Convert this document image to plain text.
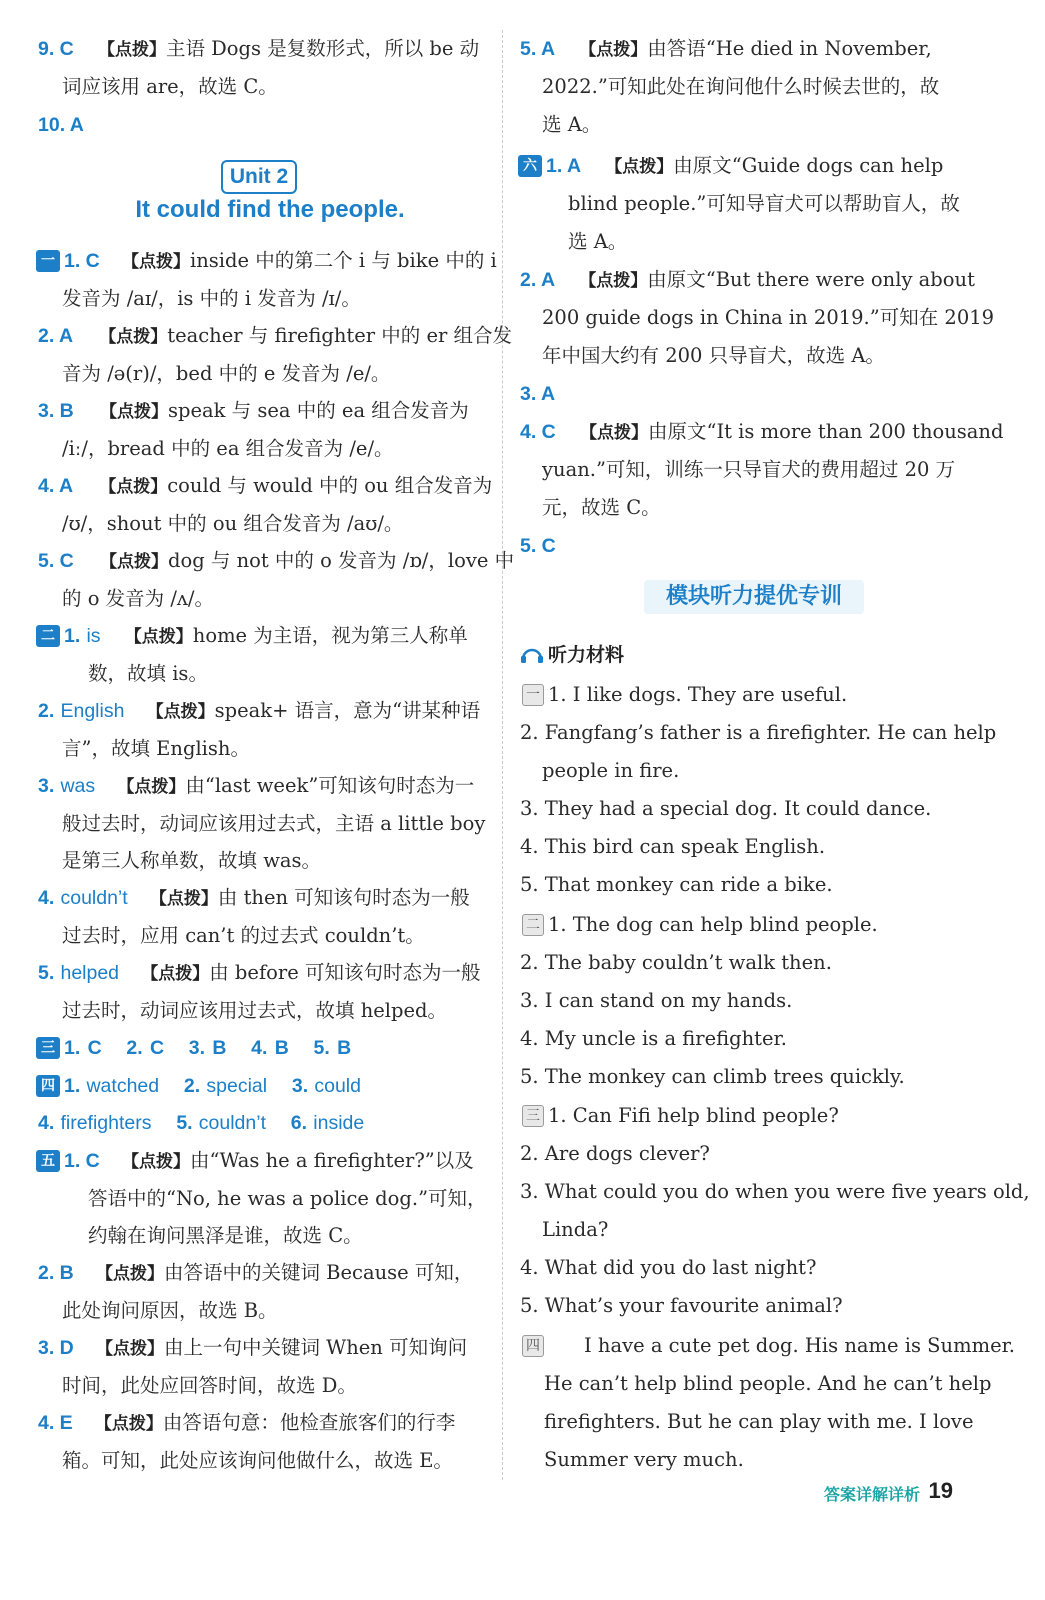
9. C 【点拨】主语 Dogs 是复数形式，所以 be 动
词应该用 are，故选 C。
10. A
Unit 2
It could find the people.
一 1. C 【点拨】inside 中的第二个 i 与 bike 中的 i
发音为 /aɪ/，is 中的 i 发音为 /ɪ/。
2. A 【点拨】teacher 与 firefighter 中的 er 组合发
音为 /ə(r)/，bed 中的 e 发音为 /e/。
3. B 【点拨】speak 与 sea 中的 ea 组合发音为
/iː/，bread 中的 ea 组合发音为 /e/。
4. A 【点拨】could 与 would 中的 ou 组合发音为
/ʊ/，shout 中的 ou 组合发音为 /aʊ/。
5. C 【点拨】dog 与 not 中的 o 发音为 /ɒ/，love 中
的 o 发音为 /ʌ/。
二 1. is 【点拨】home 为主语，视为第三人称单
数，故填 is。
2. English 【点拨】speak+ 语言，意为“讲某种语
言”，故填 English。
3. was 【点拨】由“last week”可知该句时态为一
般过去时，动词应该用过去式，主语 a little boy
是第三人称单数，故填 was。
4. couldn’t 【点拨】由 then 可知该句时态为一般
过去时，应用 can’t 的过去式 couldn’t。
5. helped 【点拨】由 before 可知该句时态为一般
过去时，动词应该用过去式，故填 helped。
三 1. C 2. C 3. B 4. B 5. B
四 1. watched 2. special 3. could
4. firefighters 5. couldn’t 6. inside
五 1. C 【点拨】由“Was he a firefighter?”以及
答语中的“No, he was a police dog.”可知，
约翰在询问黑泽是谁，故选 C。
2. B 【点拨】由答语中的关键词 Because 可知，
此处询问原因，故选 B。
3. D 【点拨】由上一句中关键词 When 可知询问
时间，此处应回答时间，故选 D。
4. E 【点拨】由答语句意：他检查旅客们的行李
箱。可知，此处应该询问他做什么，故选 E。
5. A 【点拨】由答语“He died in November,
2022.”可知此处在询问他什么时候去世的，故
选 A。
六 1. A 【点拨】由原文“Guide dogs can help
blind people.”可知导盲犬可以帮助盲人，故
选 A。
2. A 【点拨】由原文“But there were only about
200 guide dogs in China in 2019.”可知在 2019
年中国大约有 200 只导盲犬，故选 A。
3. A
4. C 【点拨】由原文“It is more than 200 thousand
yuan.”可知，训练一只导盲犬的费用超过 20 万
元，故选 C。
5. C
模块听力提优专训
听力材料
一 1. I like dogs. They are useful.
2. Fangfang’s father is a firefighter. He can help
people in fire.
3. They had a special dog. It could dance.
4. This bird can speak English.
5. That monkey can ride a bike.
二 1. The dog can help blind people.
2. The baby couldn’t walk then.
3. I can stand on my hands.
4. My uncle is a firefighter.
5. The monkey can climb trees quickly.
三 1. Can Fifi help blind people?
2. Are dogs clever?
3. What could you do when you were five years old,
Linda?
4. What did you do last night?
5. What’s your favourite animal?
四 I have a cute pet dog. His name is Summer.
He can’t help blind people. And he can’t help
firefighters. But he can play with me. I love
Summer very much.
答案详解详析 19
